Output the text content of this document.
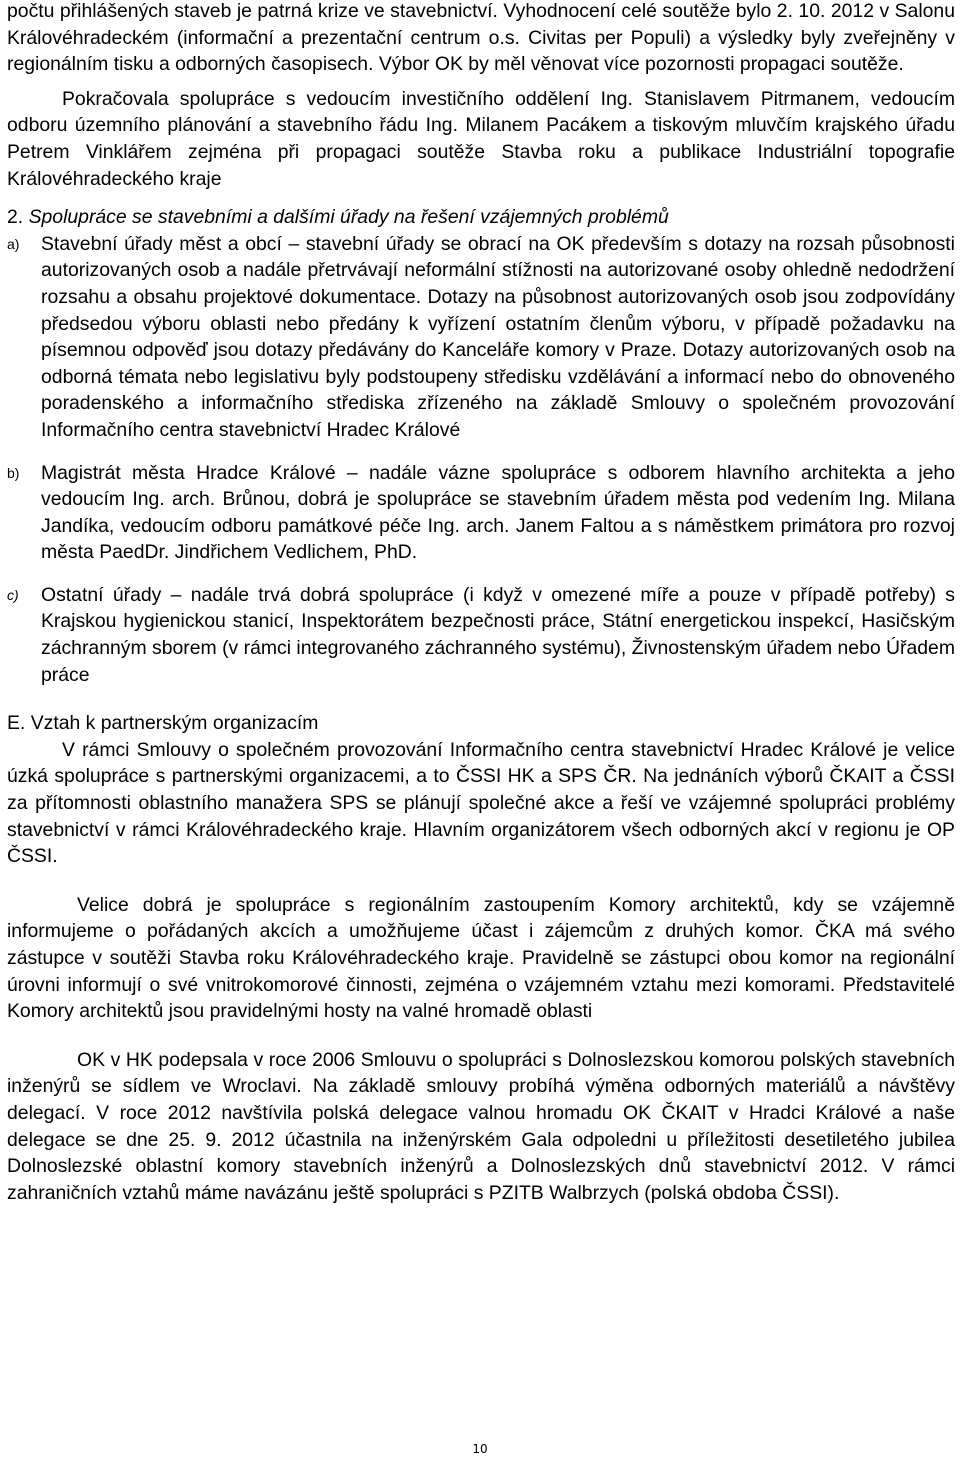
počtu přihlášených staveb je patrná krize ve stavebnictví. Vyhodnocení celé soutěže bylo 2. 10. 2012 v Salonu Královéhradeckém (informační a prezentační centrum o.s. Civitas per Populi) a výsledky byly zveřejněny v regionálním tisku a odborných časopisech. Výbor OK by měl věnovat více pozornosti propagaci soutěže.

Pokračovala spolupráce s vedoucím investičního oddělení Ing. Stanislavem Pitrmanem, vedoucím odboru územního plánování a stavebního řádu Ing. Milanem Pacákem a tiskovým mluvčím krajského úřadu Petrem Vinklářem zejména při propagaci soutěže Stavba roku a publikace Industriální topografie Královéhradeckého kraje

2. Spolupráce se stavebními a dalšími úřady na řešení vzájemných problémů

a) Stavební úřady měst a obcí – stavební úřady se obrací na OK především s dotazy na rozsah působnosti autorizovaných osob a nadále přetrvávají neformální stížnosti na autorizované osoby ohledně nedodržení rozsahu a obsahu projektové dokumentace. Dotazy na působnost autorizovaných osob jsou zodpovídány předsedou výboru oblasti nebo předány k vyřízení ostatním členům výboru, v případě požadavku na písemnou odpověď jsou dotazy předávány do Kanceláře komory v Praze. Dotazy autorizovaných osob na odborná témata nebo legislativu byly podstoupeny středisku vzdělávání a informací nebo do obnoveného poradenského a informačního střediska zřízeného na základě Smlouvy o společném provozování Informačního centra stavebnictví Hradec Králové

b) Magistrát města Hradce Králové – nadále vázne spolupráce s odborem hlavního architekta a jeho vedoucím Ing. arch. Brůnou, dobrá je spolupráce se stavebním úřadem města pod vedením Ing. Milana Jandíka, vedoucím odboru památkové péče Ing. arch. Janem Faltou a s náměstkem primátora pro rozvoj města PaedDr. Jindřichem Vedlichem, PhD.

c) Ostatní úřady – nadále trvá dobrá spolupráce (i když v omezené míře a pouze v případě potřeby) s Krajskou hygienickou stanicí, Inspektorátem bezpečnosti práce, Státní energetickou inspekcí, Hasičským záchranným sborem (v rámci integrovaného záchranného systému), Živnostenským úřadem nebo Úřadem práce

E. Vztah k partnerským organizacím

V rámci Smlouvy o společném provozování Informačního centra stavebnictví Hradec Králové je velice úzká spolupráce s partnerskými organizacemi, a to ČSSI HK a SPS ČR. Na jednáních výborů ČKAIT a ČSSI za přítomnosti oblastního manažera SPS se plánují společné akce a řeší ve vzájemné spolupráci problémy stavebnictví v rámci Královéhradeckého kraje. Hlavním organizátorem všech odborných akcí v regionu je OP ČSSI.

Velice dobrá je spolupráce s regionálním zastoupením Komory architektů, kdy se vzájemně informujeme o pořádaných akcích a umožňujeme účast i zájemcům z druhých komor. ČKA má svého zástupce v soutěži Stavba roku Královéhradeckého kraje. Pravidelně se zástupci obou komor na regionální úrovni informují o své vnitrokomorové činnosti, zejména o vzájemném vztahu mezi komorami. Představitelé Komory architektů jsou pravidelnými hosty na valné hromadě oblasti

OK v HK podepsala v roce 2006 Smlouvu o spolupráci s Dolnoslezskou komorou polských stavebních inženýrů se sídlem ve Wroclavi. Na základě smlouvy probíhá výměna odborných materiálů a návštěvy delegací. V roce 2012 navštívila polská delegace valnou hromadu OK ČKAIT v Hradci Králové a naše delegace se dne 25. 9. 2012 účastnila na inženýrském Gala odpoledni u příležitosti desetiletého jubilea Dolnoslezské oblastní komory stavebních inženýrů a Dolnoslezských dnů stavebnictví 2012. V rámci zahraničních vztahů máme navázánu ještě spolupráci s PZITB Walbrzych (polská obdoba ČSSI).

10
